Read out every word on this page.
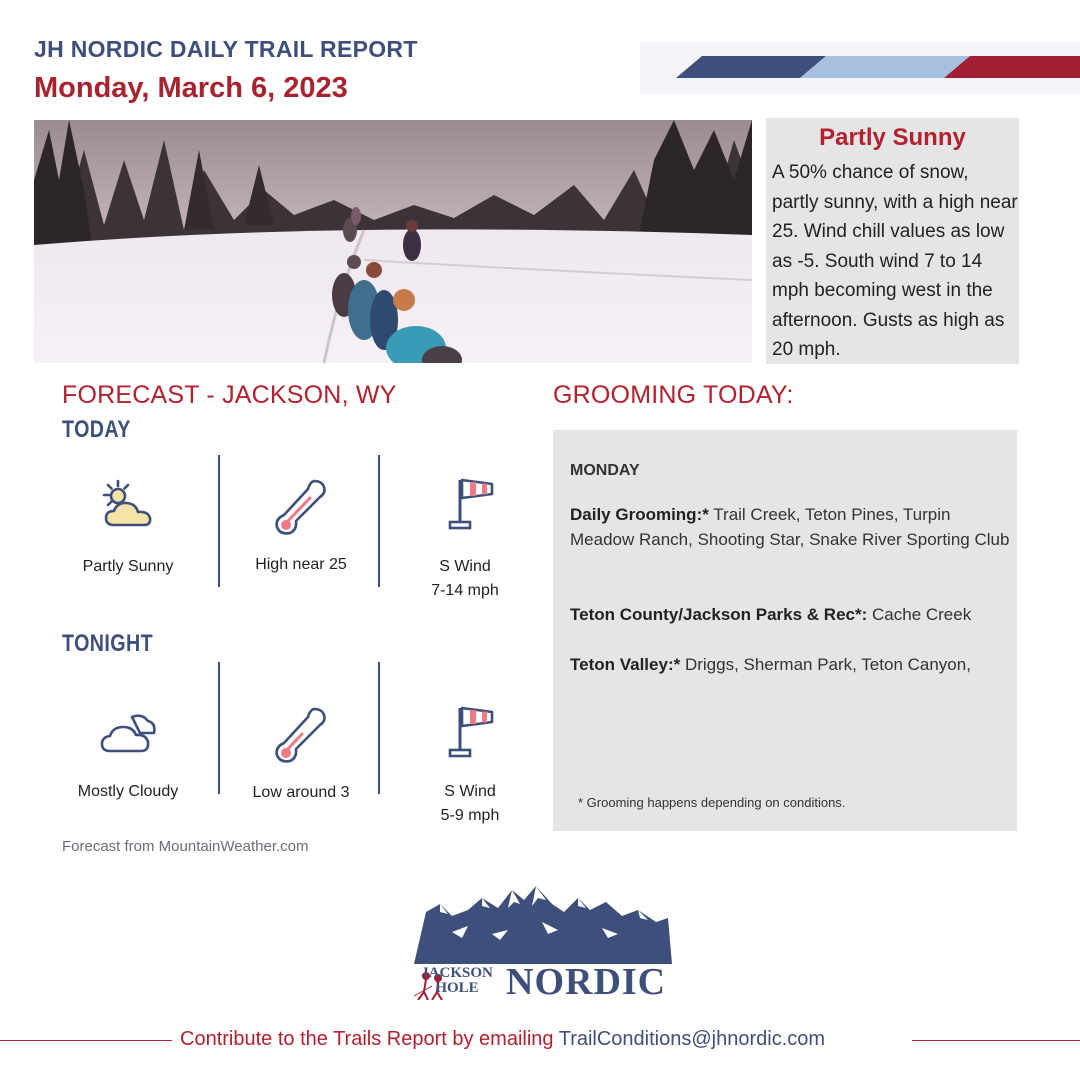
JH NORDIC DAILY TRAIL REPORT
Monday, March 6, 2023
Partly Sunny
A 50% chance of snow, partly sunny, with a high near 25. Wind chill values as low as -5. South wind 7 to 14 mph becoming west in the afternoon. Gusts as high as 20 mph.
FORECAST - JACKSON, WY
TODAY
Partly Sunny	High near 25	S Wind
7-14 mph
TONIGHT
Mostly Cloudy	Low around 3	S Wind
5-9 mph
Forecast from MountainWeather.com
GROOMING TODAY:
MONDAY
Daily Grooming:* Trail Creek, Teton Pines, Turpin Meadow Ranch, Shooting Star, Snake River Sporting Club
Teton County/Jackson Parks & Rec*: Cache Creek
Teton Valley:* Driggs, Sherman Park, Teton Canyon,
* Grooming happens depending on conditions.
JACKSON
HOLE NORDIC
Contribute to the Trails Report by emailing TrailConditions@jhnordic.com
